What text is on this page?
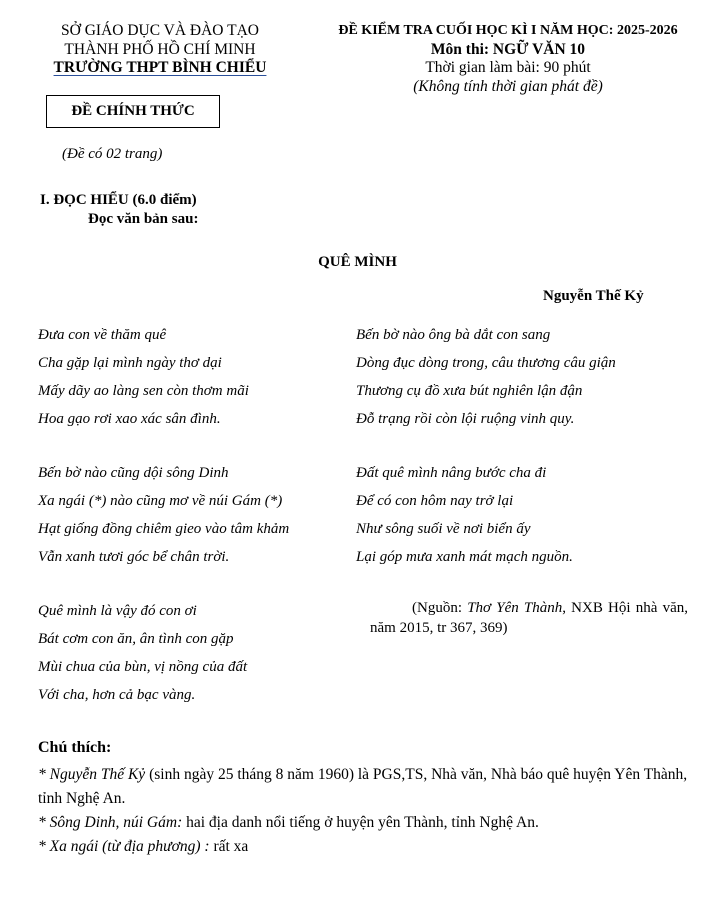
SỞ GIÁO DỤC VÀ ĐÀO TẠO
THÀNH PHỐ HỒ CHÍ MINH
TRƯỜNG THPT BÌNH CHIỂU
ĐỀ CHÍNH THỨC
(Đề có 02 trang)
ĐỀ KIỂM TRA CUỐI HỌC KÌ I NĂM HỌC: 2025-2026
Môn thi: NGỮ VĂN 10
Thời gian làm bài: 90 phút
(Không tính thời gian phát đề)
I. ĐỌC HIỂU (6.0 điểm)
Đọc văn bản sau:
QUÊ MÌNH
Nguyễn Thế Kỷ
Đưa con về thăm quê
Cha gặp lại mình ngày thơ dại
Mấy dãy ao làng sen còn thơm mãi
Hoa gạo rơi xao xác sân đình.
Bến bờ nào cũng dội sông Dinh
Xa ngái (*) nào cũng mơ về núi Gám (*)
Hạt giống đồng chiêm gieo vào tâm khảm
Vẫn xanh tươi góc bể chân trời.
Quê mình là vậy đó con ơi
Bát cơm con ăn, ân tình con gặp
Mùi chua của bùn, vị nồng của đất
Với cha, hơn cả bạc vàng.
Bến bờ nào ông bà dắt con sang
Dòng đục dòng trong, câu thương câu giận
Thương cụ đồ xưa bút nghiên lận đận
Đỗ trạng rồi còn lội ruộng vinh quy.
Đất quê mình nâng bước cha đi
Để có con hôm nay trở lại
Như sông suối về nơi biển ấy
Lại góp mưa xanh mát mạch nguồn.
(Nguồn: Thơ Yên Thành, NXB Hội nhà văn, năm 2015, tr 367, 369)
Chú thích:

* Nguyễn Thế Kỷ (sinh ngày 25 tháng 8 năm 1960) là PGS,TS, Nhà văn, Nhà báo quê huyện Yên Thành, tỉnh Nghệ An.

* Sông Dinh, núi Gám: hai địa danh nổi tiếng ở huyện yên Thành, tỉnh Nghệ An.

* Xa ngái (từ địa phương) : rất xa
